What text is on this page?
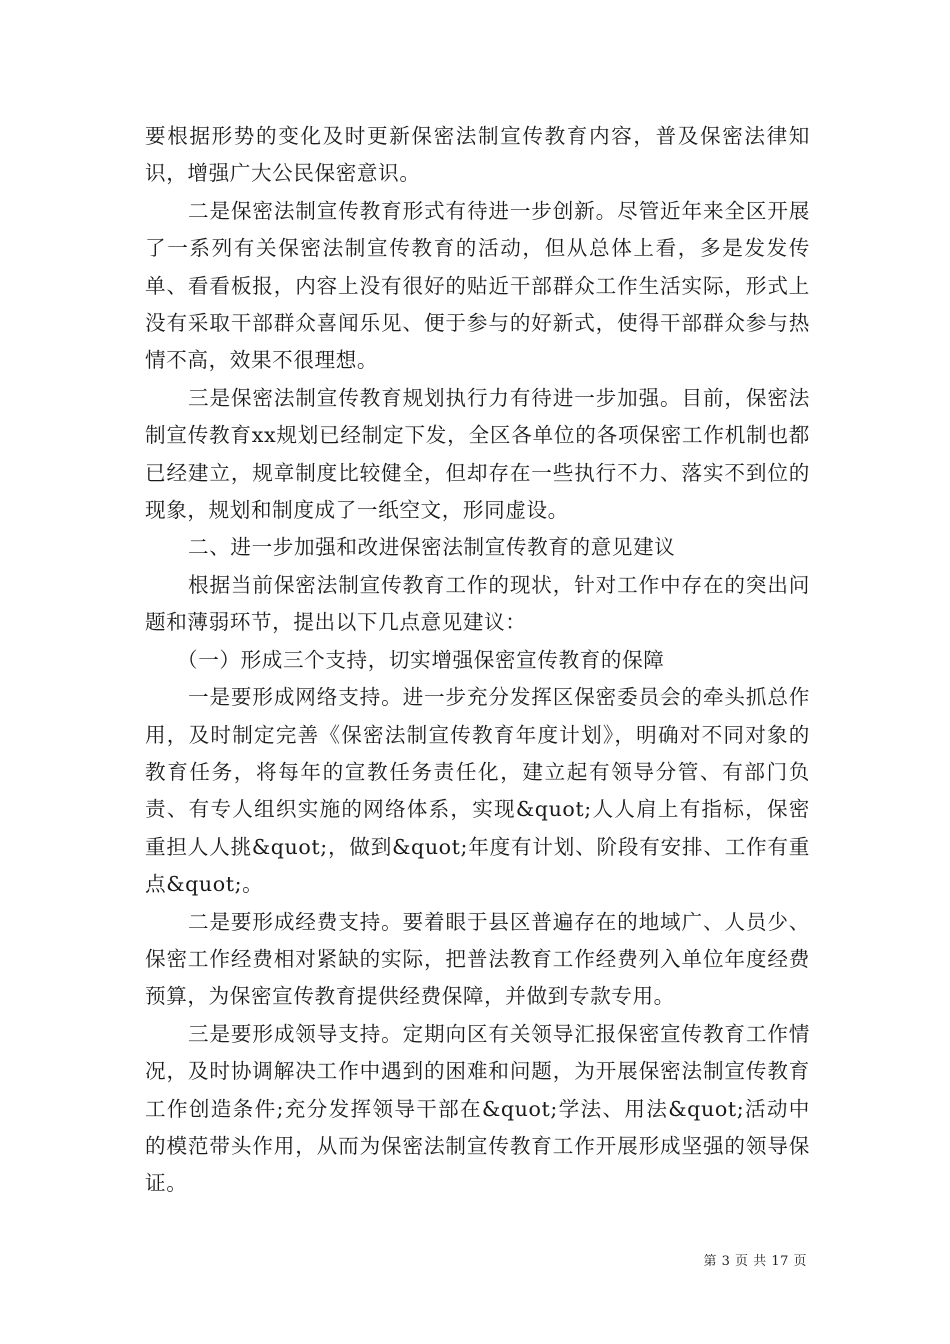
要根据形势的变化及时更新保密法制宣传教育内容，普及保密法律知识，增强广大公民保密意识。

二是保密法制宣传教育形式有待进一步创新。尽管近年来全区开展了一系列有关保密法制宣传教育的活动，但从总体上看，多是发发传单、看看板报，内容上没有很好的贴近干部群众工作生活实际，形式上没有采取干部群众喜闻乐见、便于参与的好新式，使得干部群众参与热情不高，效果不很理想。

三是保密法制宣传教育规划执行力有待进一步加强。目前，保密法制宣传教育xx规划已经制定下发，全区各单位的各项保密工作机制也都已经建立，规章制度比较健全，但却存在一些执行不力、落实不到位的现象，规划和制度成了一纸空文，形同虚设。

二、进一步加强和改进保密法制宣传教育的意见建议

根据当前保密法制宣传教育工作的现状，针对工作中存在的突出问题和薄弱环节，提出以下几点意见建议：

（一）形成三个支持，切实增强保密宣传教育的保障

一是要形成网络支持。进一步充分发挥区保密委员会的牵头抓总作用，及时制定完善《保密法制宣传教育年度计划》，明确对不同对象的教育任务，将每年的宣教任务责任化，建立起有领导分管、有部门负责、有专人组织实施的网络体系，实现&quot;人人肩上有指标，保密重担人人挑&quot;，做到&quot;年度有计划、阶段有安排、工作有重点&quot;。

二是要形成经费支持。要着眼于县区普遍存在的地域广、人员少、保密工作经费相对紧缺的实际，把普法教育工作经费列入单位年度经费预算，为保密宣传教育提供经费保障，并做到专款专用。

三是要形成领导支持。定期向区有关领导汇报保密宣传教育工作情况，及时协调解决工作中遇到的困难和问题，为开展保密法制宣传教育工作创造条件;充分发挥领导干部在&quot;学法、用法&quot;活动中的模范带头作用，从而为保密法制宣传教育工作开展形成坚强的领导保证。

第 3 页 共 17 页
